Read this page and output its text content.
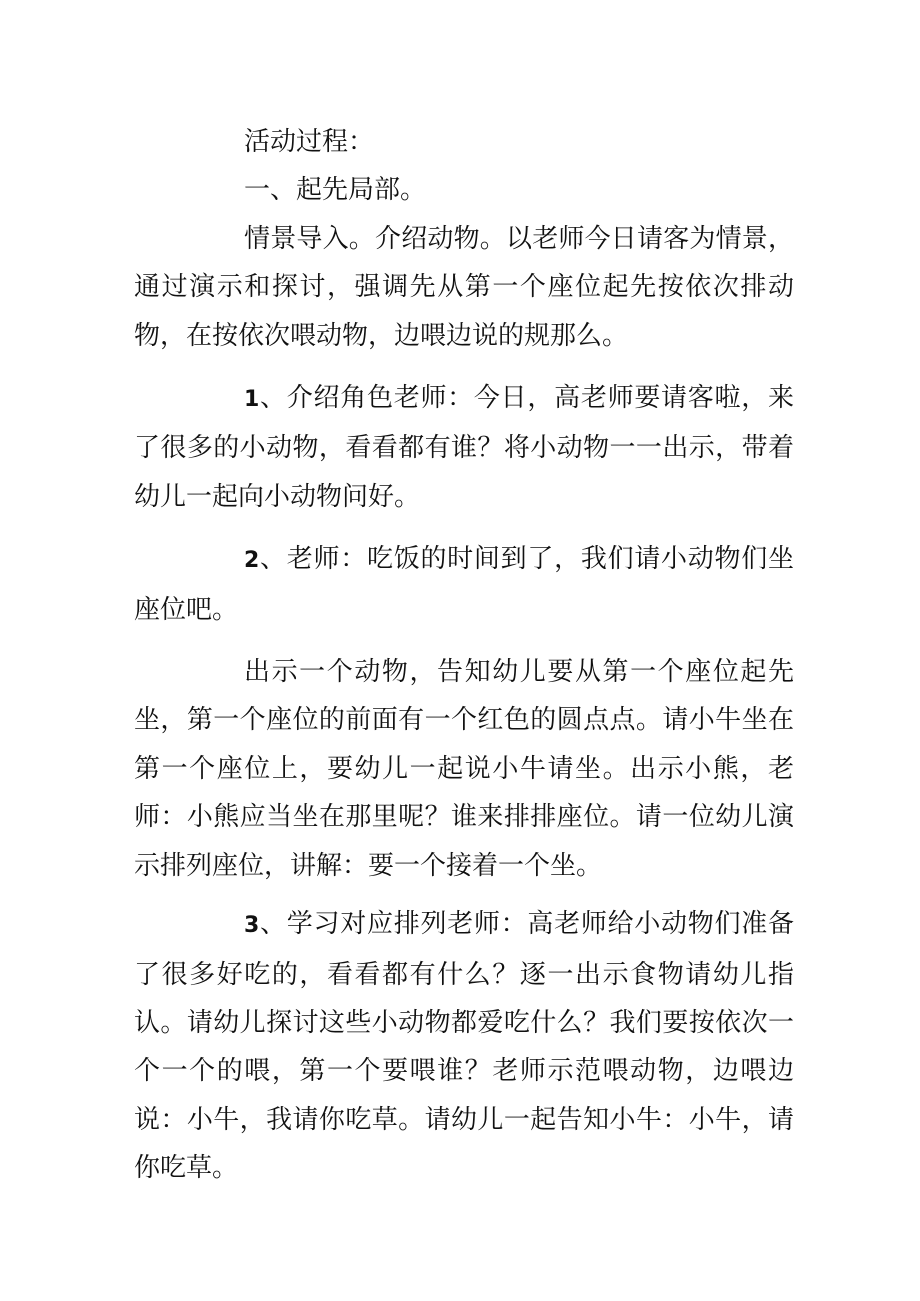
活动过程：

一、起先局部。

情景导入。介绍动物。以老师今日请客为情景，通过演示和探讨，强调先从第一个座位起先按依次排动物，在按依次喂动物，边喂边说的规那么。

1、介绍角色老师：今日，高老师要请客啦，来了很多的小动物，看看都有谁？将小动物一一出示，带着幼儿一起向小动物问好。

2、老师：吃饭的时间到了，我们请小动物们坐座位吧。

出示一个动物，告知幼儿要从第一个座位起先坐，第一个座位的前面有一个红色的圆点点。请小牛坐在第一个座位上，要幼儿一起说小牛请坐。出示小熊，老师：小熊应当坐在那里呢？谁来排排座位。请一位幼儿演示排列座位，讲解：要一个接着一个坐。

3、学习对应排列老师：高老师给小动物们准备了很多好吃的，看看都有什么？逐一出示食物请幼儿指认。请幼儿探讨这些小动物都爱吃什么？我们要按依次一个一个的喂，第一个要喂谁？老师示范喂动物，边喂边说：小牛，我请你吃草。请幼儿一起告知小牛：小牛，请你吃草。
